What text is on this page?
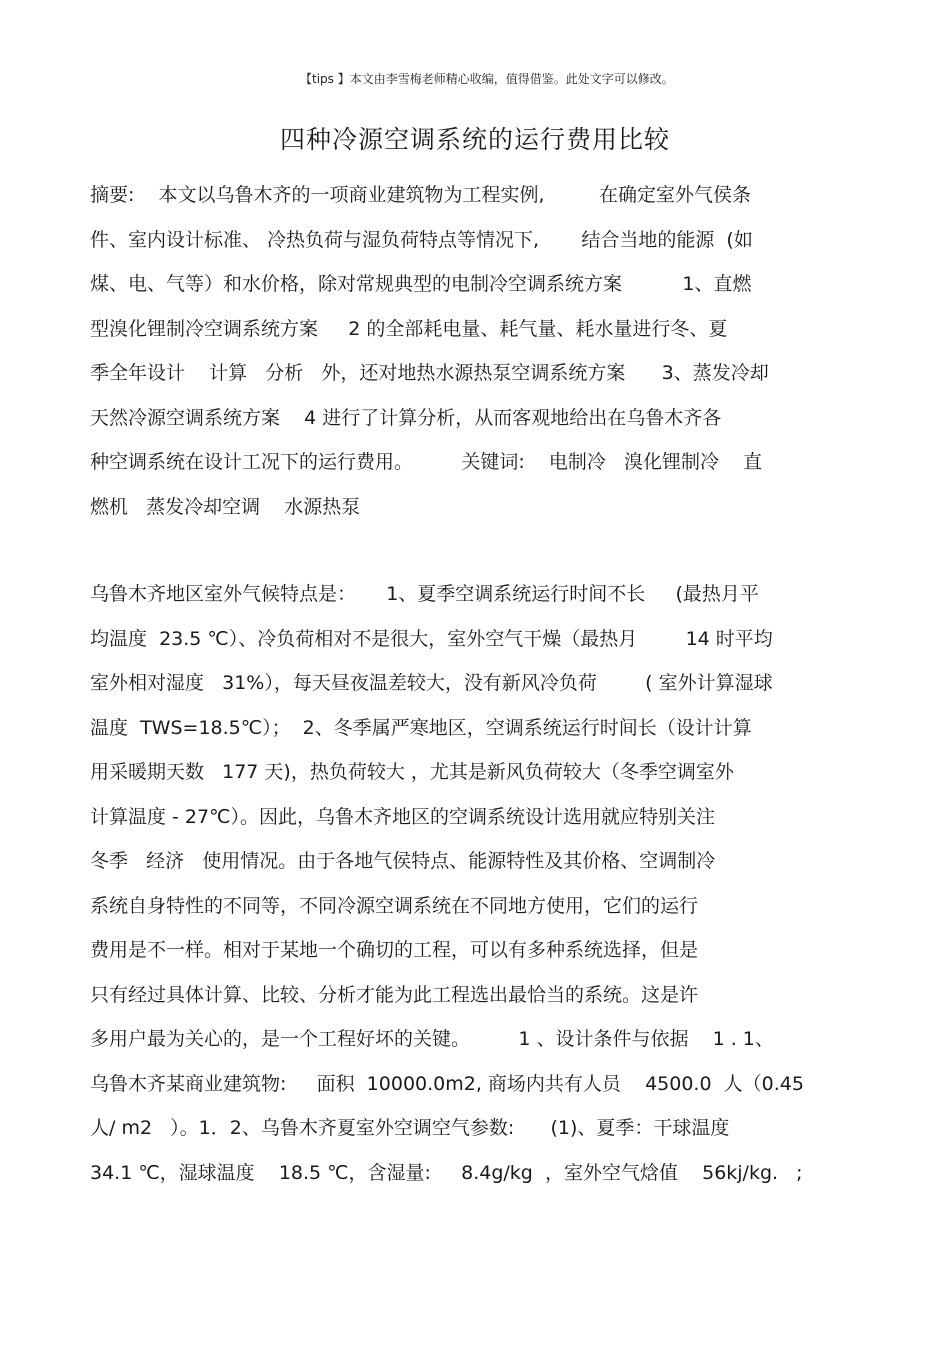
【tips 】本文由李雪梅老师精心收编，值得借鉴。此处文字可以修改。
四种冷源空调系统的运行费用比较
摘要:    本文以乌鲁木齐的一项商业建筑物为工程实例,         在确定室外气侯条
件、室内设计标准、 冷热负荷与湿负荷特点等情况下,       结合当地的能源  (如
煤、电、气等）和水价格，除对常规典型的电制冷空调系统方案          1、直燃
型溴化锂制冷空调系统方案     2 的全部耗电量、耗气量、耗水量进行冬、夏
季全年设计    计算   分析   外，还对地热水源热泵空调系统方案      3、蒸发冷却
天然冷源空调系统方案    4 进行了计算分析，从而客观地给出在乌鲁木齐各
种空调系统在设计工况下的运行费用。        关键词:    电制冷   溴化锂制冷    直
燃机   蒸发冷却空调    水源热泵
乌鲁木齐地区室外气候特点是：     1、夏季空调系统运行时间不长     (最热月平
均温度  23.5 ℃）、冷负荷相对不是很大，室外空气干燥（最热月        14 时平均
室外相对湿度   31%），每天昼夜温差较大，没有新风冷负荷        ( 室外计算湿球
温度  TWS=18.5℃）；  2、冬季属严寒地区，空调系统运行时间长（设计计算
用采暖期天数   177 天)，热负荷较大 ，尤其是新风负荷较大（冬季空调室外
计算温度 - 27℃）。因此，乌鲁木齐地区的空调系统设计选用就应特别关注
冬季   经济   使用情况。由于各地气侯特点、能源特性及其价格、空调制冷
系统自身特性的不同等，不同冷源空调系统在不同地方使用，它们的运行
费用是不一样。相对于某地一个确切的工程，可以有多种系统选择，但是
只有经过具体计算、比较、分析才能为此工程选出最恰当的系统。这是许
多用户最为关心的，是一个工程好坏的关键。        1 、设计条件与依据    1 . 1、
乌鲁木齐某商业建筑物:     面积  10000.0m2, 商场内共有人员    4500.0  人（0.45
人/ m2   ）。1．2、乌鲁木齐夏室外空调空气参数:      (1)、夏季：干球温度
34.1 ℃，湿球温度    18.5 ℃，含湿量:     8.4g/kg  ，室外空气焓值    56kj/kg.   ;
